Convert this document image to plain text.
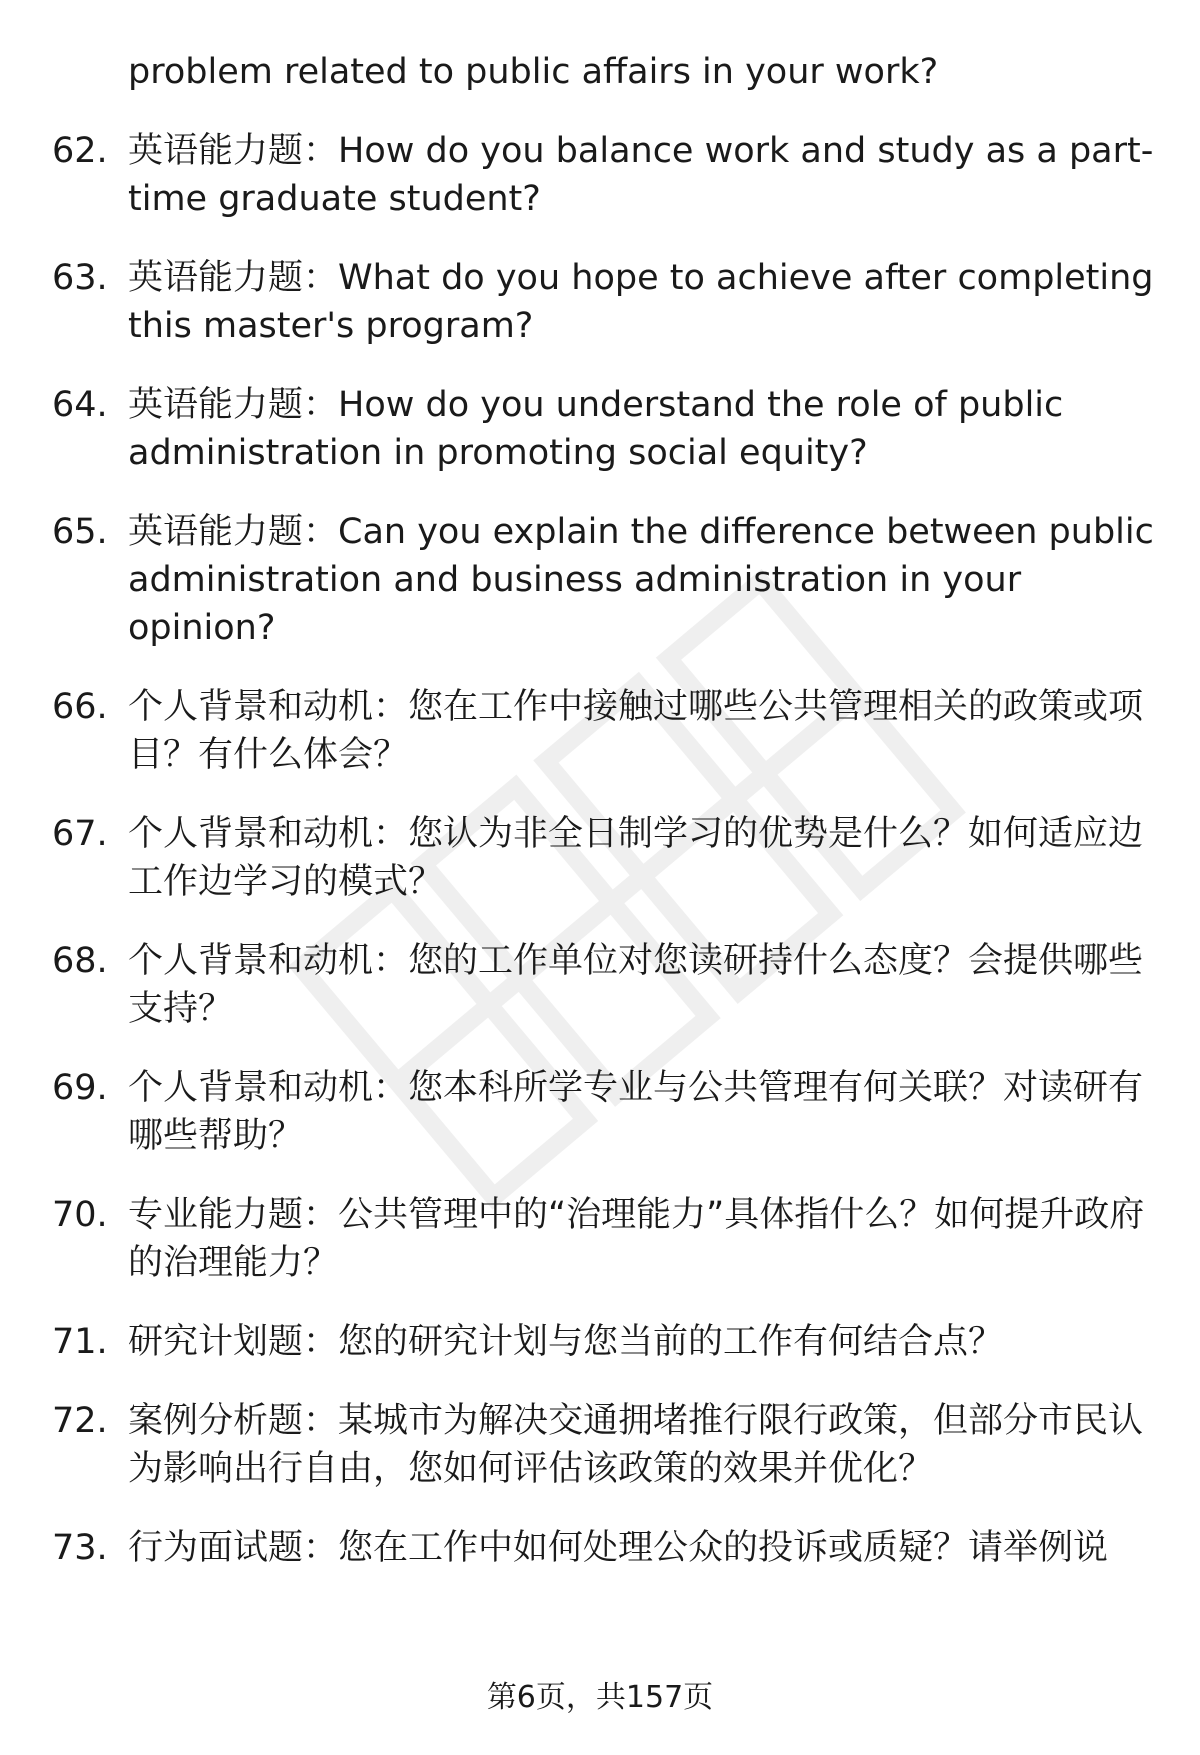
problem related to public affairs in your work?
62. 英语能力题：How do you balance work and study as a part-time graduate student?
63. 英语能力题：What do you hope to achieve after completing this master's program?
64. 英语能力题：How do you understand the role of public administration in promoting social equity?
65. 英语能力题：Can you explain the difference between public administration and business administration in your opinion?
66. 个人背景和动机：您在工作中接触过哪些公共管理相关的政策或项目？有什么体会？
67. 个人背景和动机：您认为非全日制学习的优势是什么？如何适应边工作边学习的模式？
68. 个人背景和动机：您的工作单位对您读研持什么态度？会提供哪些支持？
69. 个人背景和动机：您本科所学专业与公共管理有何关联？对读研有哪些帮助？
70. 专业能力题：公共管理中的“治理能力”具体指什么？如何提升政府的治理能力？
71. 研究计划题：您的研究计划与您当前的工作有何结合点？
72. 案例分析题：某城市为解决交通拥堵推行限行政策，但部分市民认为影响出行自由，您如何评估该政策的效果并优化？
73. 行为面试题：您在工作中如何处理公众的投诉或质疑？请举例说
第6页，共157页
